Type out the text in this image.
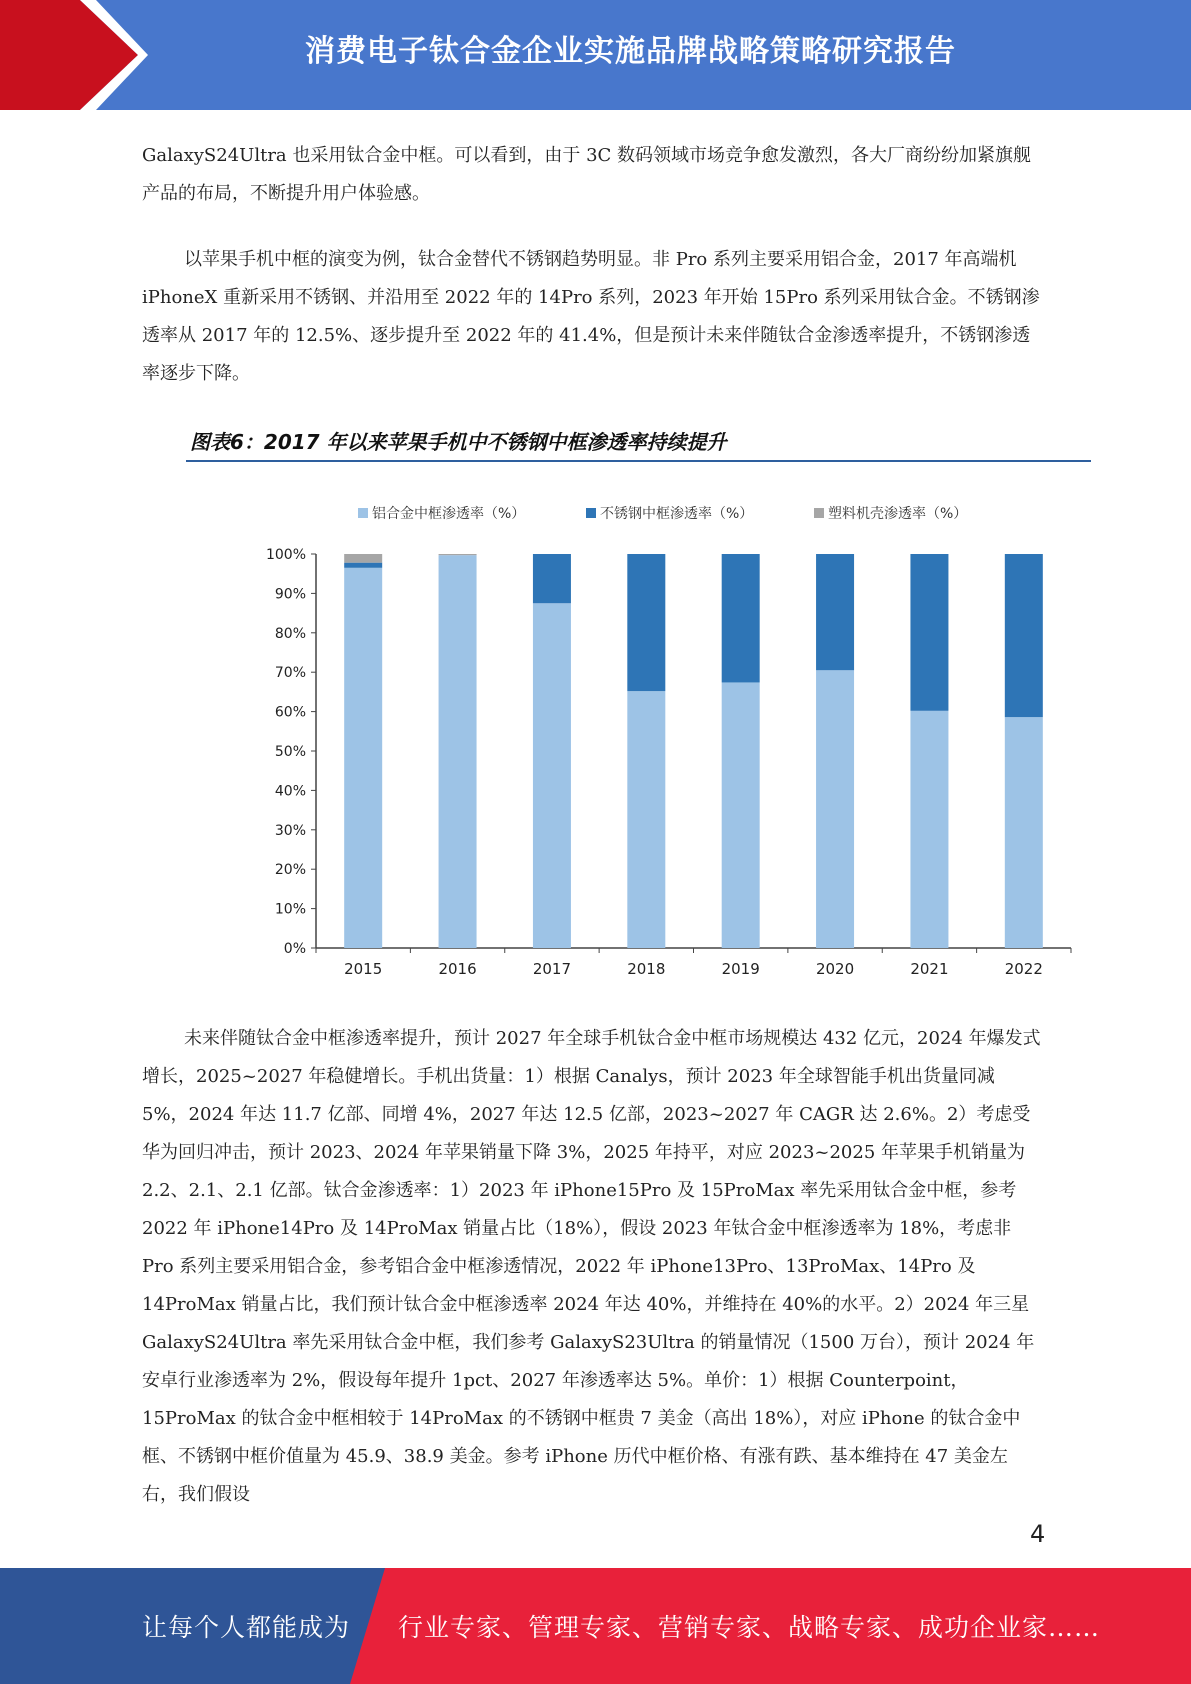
消费电子钛合金企业实施品牌战略策略研究报告

GalaxyS24Ultra 也采用钛合金中框。可以看到，由于 3C 数码领域市场竞争愈发激烈，各大厂商纷纷加紧旗舰产品的布局，不断提升用户体验感。

以苹果手机中框的演变为例，钛合金替代不锈钢趋势明显。非 Pro 系列主要采用铝合金，2017 年高端机 iPhoneX 重新采用不锈钢、并沿用至 2022 年的 14Pro 系列，2023 年开始 15Pro 系列采用钛合金。不锈钢渗透率从 2017 年的 12.5%、逐步提升至 2022 年的 41.4%，但是预计未来伴随钛合金渗透率提升，不锈钢渗透率逐步下降。

图表6：2017 年以来苹果手机中不锈钢中框渗透率持续提升
铝合金中框渗透率（%）	不锈钢中框渗透率（%）	塑料机壳渗透率（%）
0%
10%
20%
30%
40%
50%
60%
70%
80%
90%
100%
2015	2016	2017	2018	2019	2020	2021	2022

未来伴随钛合金中框渗透率提升，预计 2027 年全球手机钛合金中框市场规模达 432 亿元，2024 年爆发式增长，2025~2027 年稳健增长。手机出货量：1）根据 Canalys，预计 2023 年全球智能手机出货量同减 5%，2024 年达 11.7 亿部、同增 4%，2027 年达 12.5 亿部，2023~2027 年 CAGR 达 2.6%。2）考虑受华为回归冲击，预计 2023、2024 年苹果销量下降 3%，2025 年持平，对应 2023~2025 年苹果手机销量为 2.2、2.1、2.1 亿部。钛合金渗透率：1）2023 年 iPhone15Pro 及 15ProMax 率先采用钛合金中框，参考 2022 年 iPhone14Pro 及 14ProMax 销量占比（18%），假设 2023 年钛合金中框渗透率为 18%，考虑非 Pro 系列主要采用铝合金，参考铝合金中框渗透情况，2022 年 iPhone13Pro、13ProMax、14Pro 及 14ProMax 销量占比，我们预计钛合金中框渗透率 2024 年达 40%，并维持在 40%的水平。2）2024 年三星 GalaxyS24Ultra 率先采用钛合金中框，我们参考 GalaxyS23Ultra 的销量情况（1500 万台），预计 2024 年安卓行业渗透率为 2%，假设每年提升 1pct、2027 年渗透率达 5%。单价：1）根据 Counterpoint，15ProMax 的钛合金中框相较于 14ProMax 的不锈钢中框贵 7 美金（高出 18%），对应 iPhone 的钛合金中框、不锈钢中框价值量为 45.9、38.9 美金。参考 iPhone 历代中框价格、有涨有跌、基本维持在 47 美金左右，我们假设

4
让每个人都能成为 行业专家、管理专家、营销专家、战略专家、成功企业家……
